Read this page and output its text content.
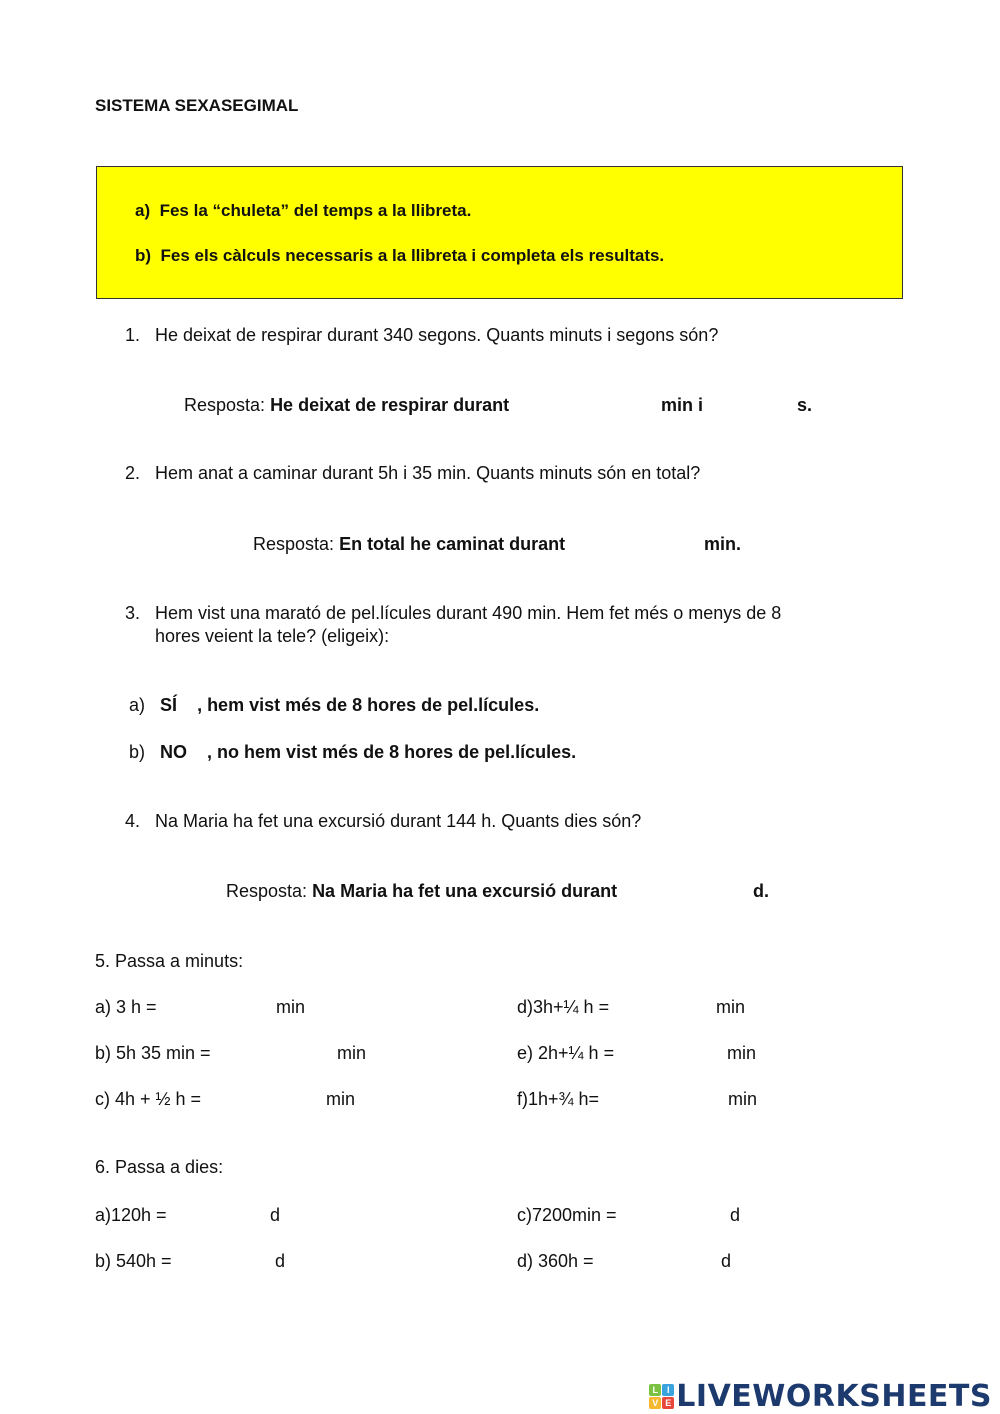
SISTEMA SEXASEGIMAL
a) Fes la “chuleta” del temps a la llibreta.
b) Fes els càlculs necessaris a la llibreta i completa els resultats.
1. He deixat de respirar durant 340 segons. Quants minuts i segons són?
Resposta: He deixat de respirar durant	min i	s.
2. Hem anat a caminar durant 5h i 35 min. Quants minuts són en total?
Resposta: En total he caminat durant	min.
3. Hem vist una marató de pel.lícules durant 490 min. Hem fet més o menys de 8
hores veient la tele? (eligeix):
a) SÍ , hem vist més de 8 hores de pel.lícules.
b) NO , no hem vist més de 8 hores de pel.lícules.
4. Na Maria ha fet una excursió durant 144 h. Quants dies són?
Resposta: Na Maria ha fet una excursió durant	d.
5. Passa a minuts:
a) 3 h =	min
b) 5h 35 min =	min
c) 4h + ½ h =	min
d)3h+¼ h =	min
e) 2h+¼ h =	min
f)1h+¾ h=	min
6. Passa a dies:
a)120h =	d
b) 540h =	d
c)7200min =	d
d) 360h =	d
L I
V E LIVEWORKSHEETS
